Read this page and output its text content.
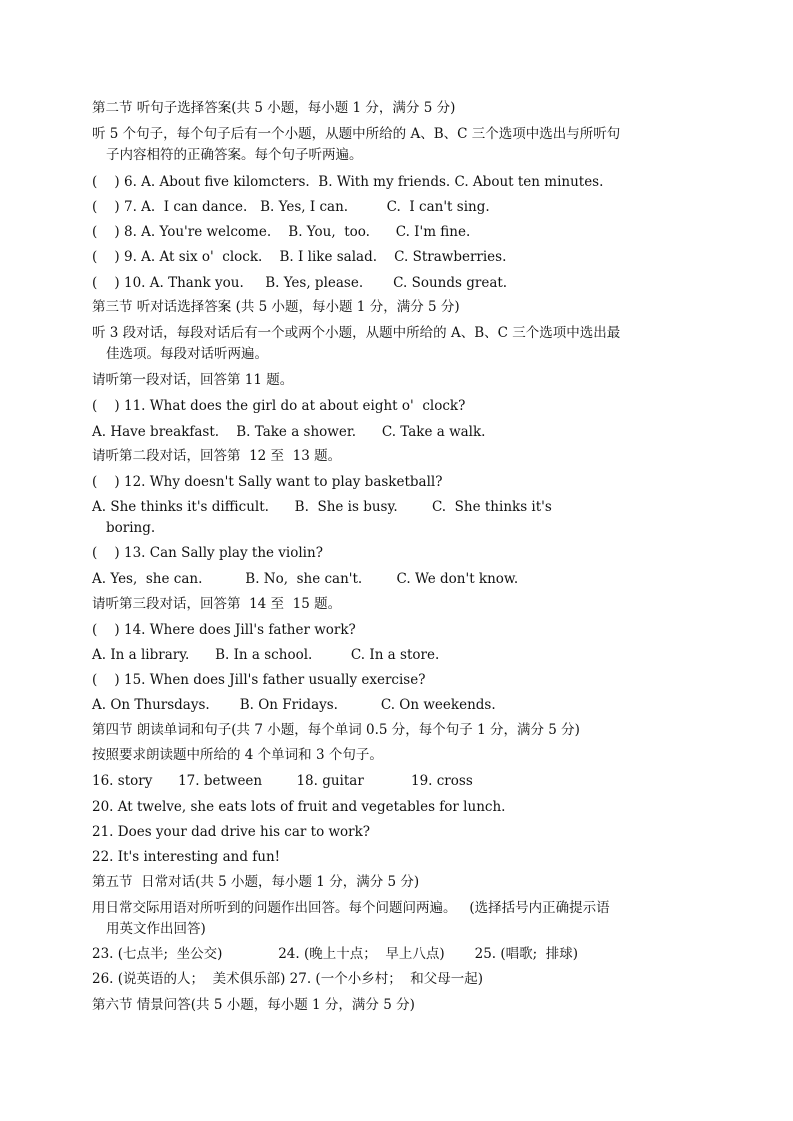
第二节 听句子选择答案(共 5 小题，每小题 1 分，满分 5 分)
听 5 个句子，每个句子后有一个小题，从题中所给的 A、B、C 三个选项中选出与所听句
子内容相符的正确答案。每个句子听两遍。
(    ) 6. A. About five kilomcters.  B. With my friends. C. About ten minutes.
(    ) 7. A.  I can dance.   B. Yes, I can.         C.  I can't sing.
(    ) 8. A. You're welcome.    B. You,  too.      C. I'm fine.
(    ) 9. A. At six o'  clock.    B. I like salad.    C. Strawberries.
(    ) 10. A. Thank you.     B. Yes, please.       C. Sounds great.
第三节 听对话选择答案 (共 5 小题，每小题 1 分，满分 5 分)
听 3 段对话，每段对话后有一个或两个小题，从题中所给的 A、B、C 三个选项中选出最
佳选项。每段对话听两遍。
请听第一段对话，回答第 11 题。
(    ) 11. What does the girl do at about eight o'  clock?
A. Have breakfast.    B. Take a shower.      C. Take a walk.
请听第二段对话，回答第  12 至  13 题。
(    ) 12. Why doesn't Sally want to play basketball?
A. She thinks it's difficult.      B.  She is busy.        C.  She thinks it's
boring.
(    ) 13. Can Sally play the violin?
A. Yes,  she can.          B. No,  she can't.        C. We don't know.
请听第三段对话，回答第  14 至  15 题。
(    ) 14. Where does Jill's father work?
A. In a library.      B. In a school.         C. In a store.
(    ) 15. When does Jill's father usually exercise?
A. On Thursdays.       B. On Fridays.          C. On weekends.
第四节 朗读单词和句子(共 7 小题，每个单词 0.5 分，每个句子 1 分，满分 5 分)
按照要求朗读题中所给的 4 个单词和 3 个句子。
16. story      17. between        18. guitar           19. cross
20. At twelve, she eats lots of fruit and vegetables for lunch.
21. Does your dad drive his car to work?
22. It's interesting and fun!
第五节  日常对话(共 5 小题，每小题 1 分，满分 5 分)
用日常交际用语对所听到的问题作出回答。每个问题问两遍。   (选择括号内正确提示语
用英文作出回答)
23. (七点半;  坐公交)             24. (晚上十点；  早上八点)       25. (唱歌;  排球)
26. (说英语的人；  美术俱乐部) 27. (一个小乡村；  和父母一起)
第六节 情景问答(共 5 小题，每小题 1 分，满分 5 分)
